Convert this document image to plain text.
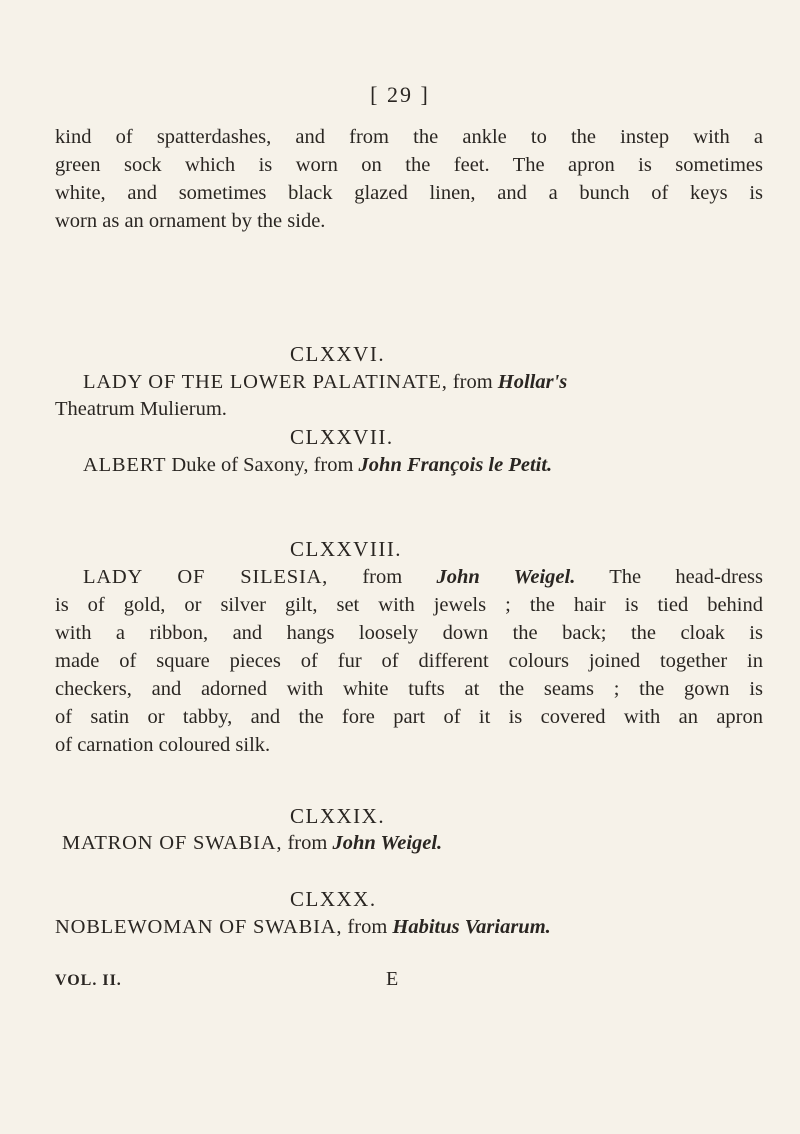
[ 29 ]
kind of spatterdashes, and from the ankle to the instep with a
green sock which is worn on the feet. The apron is sometimes
white, and sometimes black glazed linen, and a bunch of keys is
worn as an ornament by the side.
CLXXVI.
LADY OF THE LOWER PALATINATE, from Hollar's
Theatrum Mulierum.
CLXXVII.
ALBERT Duke of Saxony, from John François le Petit.
CLXXVIII.
LADY OF SILESIA, from John Weigel. The head-dress
is of gold, or silver gilt, set with jewels ; the hair is tied behind
with a ribbon, and hangs loosely down the back; the cloak is
made of square pieces of fur of different colours joined together in
checkers, and adorned with white tufts at the seams ; the gown is
of satin or tabby, and the fore part of it is covered with an apron
of carnation coloured silk.
CLXXIX.
MATRON OF SWABIA, from John Weigel.
CLXXX.
NOBLEWOMAN OF SWABIA, from Habitus Variarum.
VOL. II.	E
